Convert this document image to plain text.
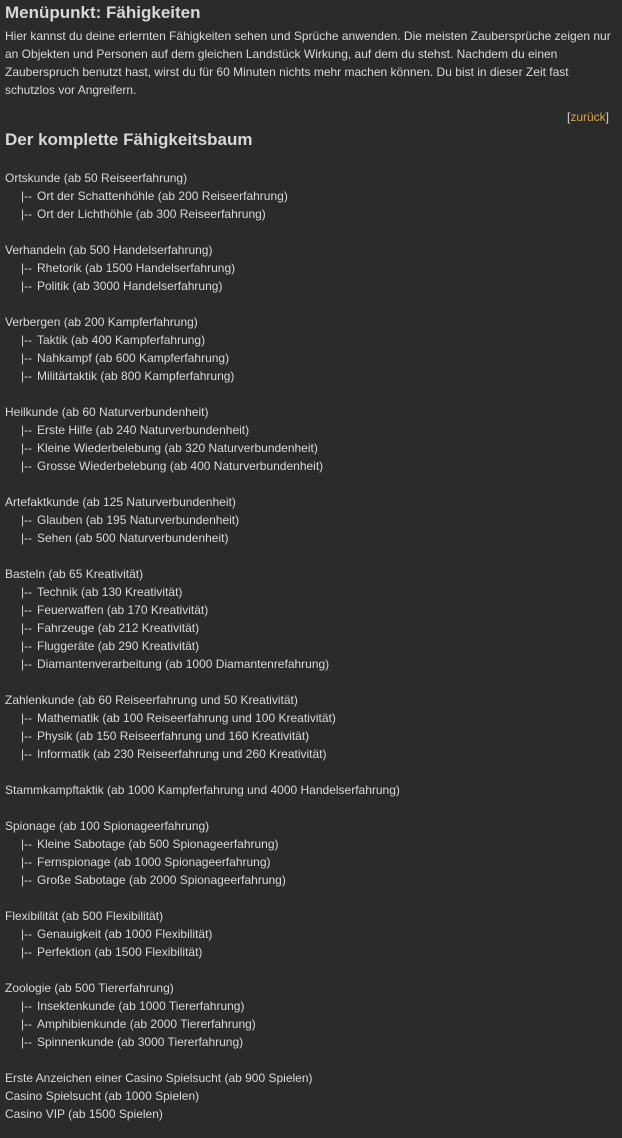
Menüpunkt: Fähigkeiten

Hier kannst du deine erlernten Fähigkeiten sehen und Sprüche anwenden. Die meisten Zaubersprüche zeigen nur an Objekten und Personen auf dem gleichen Landstück Wirkung, auf dem du stehst. Nachdem du einen Zauberspruch benutzt hast, wirst du für 60 Minuten nichts mehr machen können. Du bist in dieser Zeit fast schutzlos vor Angreifern.

[zurück]
Der komplette Fähigkeitsbaum
Ortskunde (ab 50 Reiseerfahrung)
|-- Ort der Schattenhöhle (ab 200 Reiseerfahrung)
|-- Ort der Lichthöhle (ab 300 Reiseerfahrung)
Verhandeln (ab 500 Handelserfahrung)
|-- Rhetorik (ab 1500 Handelserfahrung)
|-- Politik (ab 3000 Handelserfahrung)
Verbergen (ab 200 Kampferfahrung)
|-- Taktik (ab 400 Kampferfahrung)
|-- Nahkampf (ab 600 Kampferfahrung)
|-- Militärtaktik (ab 800 Kampferfahrung)
Heilkunde (ab 60 Naturverbundenheit)
|-- Erste Hilfe (ab 240 Naturverbundenheit)
|-- Kleine Wiederbelebung (ab 320 Naturverbundenheit)
|-- Grosse Wiederbelebung (ab 400 Naturverbundenheit)
Artefaktkunde (ab 125 Naturverbundenheit)
|-- Glauben (ab 195 Naturverbundenheit)
|-- Sehen (ab 500 Naturverbundenheit)
Basteln (ab 65 Kreativität)
|-- Technik (ab 130 Kreativität)
|-- Feuerwaffen (ab 170 Kreativität)
|-- Fahrzeuge (ab 212 Kreativität)
|-- Fluggeräte (ab 290 Kreativität)
|-- Diamantenverarbeitung (ab 1000 Diamantenrefahrung)
Zahlenkunde (ab 60 Reiseerfahrung und 50 Kreativität)
|-- Mathematik (ab 100 Reiseerfahrung und 100 Kreativität)
|-- Physik (ab 150 Reiseerfahrung und 160 Kreativität)
|-- Informatik (ab 230 Reiseerfahrung und 260 Kreativität)
Stammkampftaktik (ab 1000 Kampferfahrung und 4000 Handelserfahrung)
Spionage (ab 100 Spionageerfahrung)
|-- Kleine Sabotage (ab 500 Spionageerfahrung)
|-- Fernspionage (ab 1000 Spionageerfahrung)
|-- Große Sabotage (ab 2000 Spionageerfahrung)
Flexibilität (ab 500 Flexibilität)
|-- Genauigkeit (ab 1000 Flexibilität)
|-- Perfektion (ab 1500 Flexibilität)
Zoologie (ab 500 Tiererfahrung)
|-- Insektenkunde (ab 1000 Tiererfahrung)
|-- Amphibienkunde (ab 2000 Tiererfahrung)
|-- Spinnenkunde (ab 3000 Tiererfahrung)
Erste Anzeichen einer Casino Spielsucht (ab 900 Spielen)
Casino Spielsucht (ab 1000 Spielen)
Casino VIP (ab 1500 Spielen)
